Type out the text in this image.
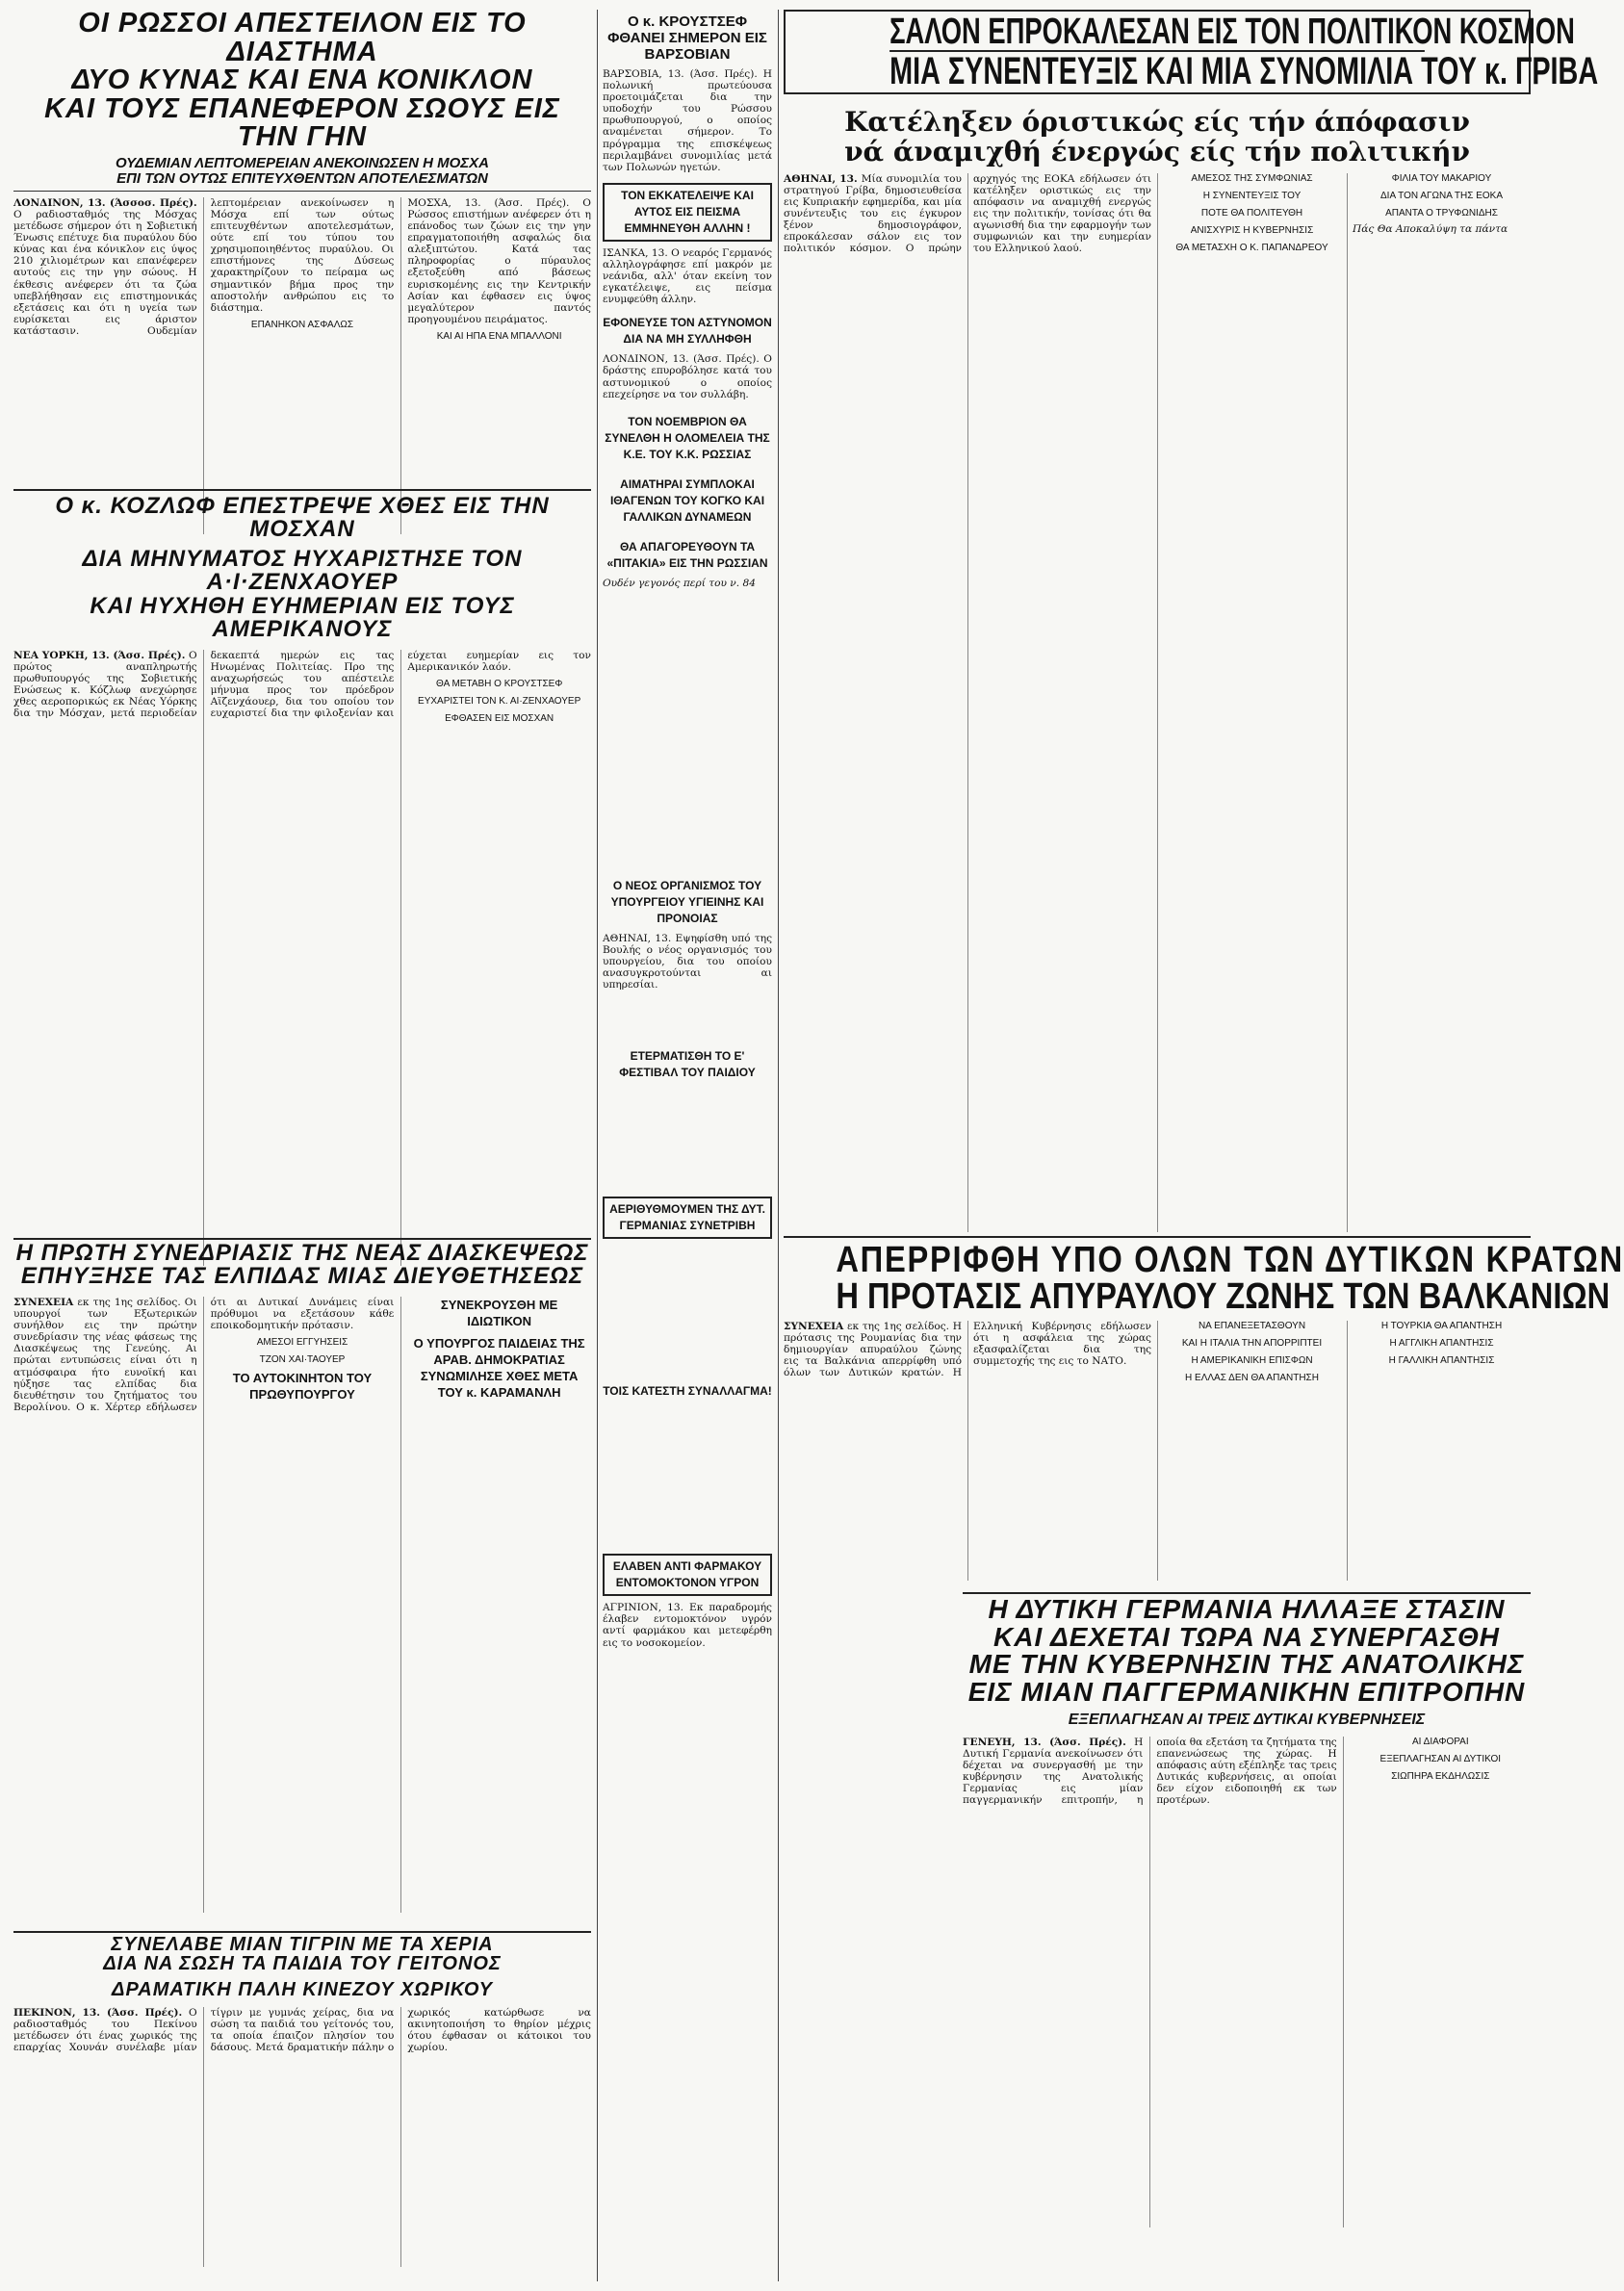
ΟΙ ΡΩΣΣΟΙ ΑΠΕΣΤΕΙΛΟΝ ΕΙΣ ΤΟ ΔΙΑΣΤΗΜΑ
ΔΥΟ ΚΥΝΑΣ ΚΑΙ ΕΝΑ ΚΟΝΙΚΛΟΝ
ΚΑΙ ΤΟΥΣ ΕΠΑΝΕΦΕΡΟΝ ΣΩΟΥΣ ΕΙΣ ΤΗΝ ΓΗΝ
ΟΥΔΕΜΙΑΝ ΛΕΠΤΟΜΕΡΕΙΑΝ ΑΝΕΚΟΙΝΩΣΕΝ Η ΜΟΣΧΑ
ΕΠΙ ΤΩΝ ΟΥΤΩΣ ΕΠΙΤΕΥΧΘΕΝΤΩΝ ΑΠΟΤΕΛΕΣΜΑΤΩΝ
ΛΟΝΔΙΝΟΝ, 13. (Άσσοσ. Πρές). Ο ραδιοσταθμός της Μόσχας μετέδωσε σήμερον ότι η Σοβιετική Ένωσις επέτυχε δια πυραύλου δύο κύνας και ένα κόνικλον εις ύψος 210 χιλιομέτρων και επανέφερεν αυτούς εις την γην σώους. Η έκθεσις ανέφερεν ότι τα ζώα υπεβλήθησαν εις επιστημονικάς εξετάσεις και ότι η υγεία των ευρίσκεται εις άριστον κατάστασιν. Ουδεμίαν λεπτομέρειαν ανεκοίνωσεν η Μόσχα επί των ούτως επιτευχθέντων αποτελεσμάτων, ούτε επί του τύπου του χρησιμοποιηθέντος πυραύλου. Οι επιστήμονες της Δύσεως χαρακτηρίζουν το πείραμα ως σημαντικόν βήμα προς την αποστολήν ανθρώπου εις το διάστημα.
ΕΠΑΝΗΚΟΝ ΑΣΦΑΛΩΣ
ΜΟΣΧΑ, 13. (Άσσ. Πρές). Ο Ρώσσος επιστήμων ανέφερεν ότι η επάνοδος των ζώων εις την γην επραγματοποιήθη ασφαλώς δια αλεξιπτώτου. Κατά τας πληροφορίας ο πύραυλος εξετοξεύθη από βάσεως ευρισκομένης εις την Κεντρικήν Ασίαν και έφθασεν εις ύψος μεγαλύτερον παντός προηγουμένου πειράματος.
ΚΑΙ ΑΙ ΗΠΑ ΕΝΑ ΜΠΑΛΛΟΝΙ
Ο κ. ΚΟΖΛΩΦ ΕΠΕΣΤΡΕΨΕ ΧΘΕΣ ΕΙΣ ΤΗΝ ΜΟΣΧΑΝ
ΔΙΑ ΜΗΝΥΜΑΤΟΣ ΗΥΧΑΡΙΣΤΗΣΕ ΤΟΝ Α·Ι·ΖΕΝΧΑΟΥΕΡ
ΚΑΙ ΗΥΧΗΘΗ ΕΥΗΜΕΡΙΑΝ ΕΙΣ ΤΟΥΣ ΑΜΕΡΙΚΑΝΟΥΣ
ΝΕΑ ΥΟΡΚΗ, 13. (Άσσ. Πρές). Ο πρώτος αναπληρωτής πρωθυπουργός της Σοβιετικής Ενώσεως κ. Κόζλωφ ανεχώρησε χθες αεροπορικώς εκ Νέας Υόρκης δια την Μόσχαν, μετά περιοδείαν δεκαεπτά ημερών εις τας Ηνωμένας Πολιτείας. Προ της αναχωρήσεώς του απέστειλε μήνυμα προς τον πρόεδρον Αϊζενχάουερ, δια του οποίου τον ευχαριστεί δια την φιλοξενίαν και εύχεται ευημερίαν εις τον Αμερικανικόν λαόν.
ΘΑ ΜΕΤΑΒΗ Ο ΚΡΟΥΣΤΣΕΦ
ΕΥΧΑΡΙΣΤΕΙ ΤΟΝ Κ. ΑΙ·ΖΕΝΧΑΟΥΕΡ
ΕΦΘΑΣΕΝ ΕΙΣ ΜΟΣΧΑΝ
Η ΠΡΩΤΗ ΣΥΝΕΔΡΙΑΣΙΣ ΤΗΣ ΝΕΑΣ ΔΙΑΣΚΕΨΕΩΣ
ΕΠΗΥΞΗΣΕ ΤΑΣ ΕΛΠΙΔΑΣ ΜΙΑΣ ΔΙΕΥΘΕΤΗΣΕΩΣ
ΣΥΝΕΧΕΙΑ εκ της 1ης σελίδος. Οι υπουργοί των Εξωτερικών συνήλθον εις την πρώτην συνεδρίασιν της νέας φάσεως της Διασκέψεως της Γενεύης. Αι πρώται εντυπώσεις είναι ότι η ατμόσφαιρα ήτο ευνοϊκή και ηύξησε τας ελπίδας δια διευθέτησιν του ζητήματος του Βερολίνου. Ο κ. Χέρτερ εδήλωσεν ότι αι Δυτικαί Δυνάμεις είναι πρόθυμοι να εξετάσουν κάθε εποικοδομητικήν πρότασιν.
ΑΜΕΣΟΙ ΕΓΓΥΗΣΕΙΣ
ΤΖΟΝ ΧΑΙ·ΤΑΟΥΕΡ
ΤΟ ΑΥΤΟΚΙΝΗΤΟΝ ΤΟΥ ΠΡΩΘΥΠΟΥΡΓΟΥ ΣΥΝΕΚΡΟΥΣΘΗ ΜΕ ΙΔΙΩΤΙΚΟΝ
Ο ΥΠΟΥΡΓΟΣ ΠΑΙΔΕΙΑΣ ΤΗΣ ΑΡΑΒ. ΔΗΜΟΚΡΑΤΙΑΣ ΣΥΝΩΜΙΛΗΣΕ ΧΘΕΣ ΜΕΤΑ ΤΟΥ κ. ΚΑΡΑΜΑΝΛΗ
ΣΥΝΕΛΑΒΕ ΜΙΑΝ ΤΙΓΡΙΝ ΜΕ ΤΑ ΧΕΡΙΑ
ΔΙΑ ΝΑ ΣΩΣΗ ΤΑ ΠΑΙΔΙΑ ΤΟΥ ΓΕΙΤΟΝΟΣ
ΔΡΑΜΑΤΙΚΗ ΠΑΛΗ ΚΙΝΕΖΟΥ ΧΩΡΙΚΟΥ
ΠΕΚΙΝΟΝ, 13. (Άσσ. Πρές). Ο ραδιοσταθμός του Πεκίνου μετέδωσεν ότι ένας χωρικός της επαρχίας Χουνάν συνέλαβε μίαν τίγριν με γυμνάς χείρας, δια να σώση τα παιδιά του γείτονός του, τα οποία έπαιζον πλησίον του δάσους. Μετά δραματικήν πάλην ο χωρικός κατώρθωσε να ακινητοποιήση το θηρίον μέχρις ότου έφθασαν οι κάτοικοι του χωρίου.
Ο κ. ΚΡΟΥΣΤΣΕΦ ΦΘΑΝΕΙ ΣΗΜΕΡΟΝ ΕΙΣ ΒΑΡΣΟΒΙΑΝ

ΒΑΡΣΟΒΙΑ, 13. (Άσσ. Πρές). Η πολωνική πρωτεύουσα προετοιμάζεται δια την υποδοχήν του Ρώσσου πρωθυπουργού, ο οποίος αναμένεται σήμερον. Το πρόγραμμα της επισκέψεως περιλαμβάνει συνομιλίας μετά των Πολωνών ηγετών.

ΤΟΝ ΕΚΚΑΤΕΛΕΙΨΕ ΚΑΙ ΑΥΤΟΣ ΕΙΣ ΠΕΙΣΜΑ ΕΜΜΗΝΕΥΘΗ ΑΛΛΗΝ !

ΙΣΑΝΚΑ, 13. Ο νεαρός Γερμανός αλληλογράφησε επί μακρόν με νεάνιδα, αλλ' όταν εκείνη τον εγκατέλειψε, εις πείσμα ενυμφεύθη άλλην.

ΕΦΟΝΕΥΣΕ ΤΟΝ ΑΣΤΥΝΟΜΟΝ ΔΙΑ ΝΑ ΜΗ ΣΥΛΛΗΦΘΗ

ΛΟΝΔΙΝΟΝ, 13. (Άσσ. Πρές). Ο δράστης επυροβόλησε κατά του αστυνομικού ο οποίος επεχείρησε να τον συλλάβη.

ΤΟΝ ΝΟΕΜΒΡΙΟΝ ΘΑ ΣΥΝΕΛΘΗ Η ΟΛΟΜΕΛΕΙΑ ΤΗΣ Κ.Ε. ΤΟΥ Κ.Κ. ΡΩΣΣΙΑΣ
ΑΙΜΑΤΗΡΑΙ ΣΥΜΠΛΟΚΑΙ ΙΘΑΓΕΝΩΝ ΤΟΥ ΚΟΓΚΟ ΚΑΙ ΓΑΛΛΙΚΩΝ ΔΥΝΑΜΕΩΝ
ΘΑ ΑΠΑΓΟΡΕΥΘΟΥΝ ΤΑ «ΠΙΤΑΚΙΑ» ΕΙΣ ΤΗΝ ΡΩΣΣΙΑΝ

Ουδέν γεγονός περί του ν. 84

Ο ΝΕΟΣ ΟΡΓΑΝΙΣΜΟΣ ΤΟΥ ΥΠΟΥΡΓΕΙΟΥ ΥΓΙΕΙΝΗΣ ΚΑΙ ΠΡΟΝΟΙΑΣ

ΑΘΗΝΑΙ, 13. Εψηφίσθη υπό της Βουλής ο νέος οργανισμός του υπουργείου, δια του οποίου ανασυγκροτούνται αι υπηρεσίαι.

ΕΤΕΡΜΑΤΙΣΘΗ ΤΟ Ε' ΦΕΣΤΙΒΑΛ ΤΟΥ ΠΑΙΔΙΟΥ
ΑΕΡΙΘΥΘΜΟΥΜΕΝ ΤΗΣ ΔΥΤ. ΓΕΡΜΑΝΙΑΣ ΣΥΝΕΤΡΙΒΗ
ΤΟΙΣ ΚΑΤΕΣΤΗ ΣΥΝΑΛΛΑΓΜΑ!
ΕΛΑΒΕΝ ΑΝΤΙ ΦΑΡΜΑΚΟΥ ΕΝΤΟΜΟΚΤΟΝΟΝ ΥΓΡΟΝ

ΑΓΡΙΝΙΟΝ, 13. Εκ παραδρομής έλαβεν εντομοκτόνον υγρόν αντί φαρμάκου και μετεφέρθη εις το νοσοκομείον.

ΣΑΛΟΝ ΕΠΡΟΚΑΛΕΣΑΝ ΕΙΣ ΤΟΝ ΠΟΛΙΤΙΚΟΝ ΚΟΣΜΟΝ
ΜΙΑ ΣΥΝΕΝΤΕΥΞΙΣ ΚΑΙ ΜΙΑ ΣΥΝΟΜΙΛΙΑ ΤΟΥ κ. ΓΡΙΒΑ
Κατέληξεν όριστικώς είς τήν άπόφασιν
νά άναμιχθή ένεργώς είς τήν πολιτικήν
ΑΘΗΝΑΙ, 13. Μία συνομιλία του στρατηγού Γρίβα, δημοσιευθείσα εις Κυπριακήν εφημερίδα, και μία συνέντευξις του εις έγκυρον ξένον δημοσιογράφον, επροκάλεσαν σάλον εις τον πολιτικόν κόσμον. Ο πρώην αρχηγός της ΕΟΚΑ εδήλωσεν ότι κατέληξεν οριστικώς εις την απόφασιν να αναμιχθή ενεργώς εις την πολιτικήν, τονίσας ότι θα αγωνισθή δια την εφαρμογήν των συμφωνιών και την ευημερίαν του Ελληνικού λαού.
ΑΜΕΣΟΣ ΤΗΣ ΣΥΜΦΩΝΙΑΣ
Η ΣΥΝΕΝΤΕΥΞΙΣ ΤΟΥ
ΠΟΤΕ ΘΑ ΠΟΛΙΤΕΥΘΗ
ΑΝΙΣΧΥΡΙΣ Η ΚΥΒΕΡΝΗΣΙΣ
ΘΑ ΜΕΤΑΣΧΗ Ο Κ. ΠΑΠΑΝΔΡΕΟΥ
ΦΙΛΙΑ ΤΟΥ ΜΑΚΑΡΙΟΥ
ΔΙΑ ΤΟΝ ΑΓΩΝΑ ΤΗΣ ΕΟΚΑ
ΑΠΑΝΤΑ Ο ΤΡΥΦΩΝΙΔΗΣ
Πάς Θα Αποκαλύψη τα πάντα
ΑΠΕΡΡΙΦΘΗ ΥΠΟ ΟΛΩΝ ΤΩΝ ΔΥΤΙΚΩΝ ΚΡΑΤΩΝ
Η ΠΡΟΤΑΣΙΣ ΑΠΥΡΑΥΛΟΥ ΖΩΝΗΣ ΤΩΝ ΒΑΛΚΑΝΙΩΝ
ΣΥΝΕΧΕΙΑ εκ της 1ης σελίδος. Η πρότασις της Ρουμανίας δια την δημιουργίαν απυραύλου ζώνης εις τα Βαλκάνια απερρίφθη υπό όλων των Δυτικών κρατών. Η Ελληνική Κυβέρνησις εδήλωσεν ότι η ασφάλεια της χώρας εξασφαλίζεται δια της συμμετοχής της εις το ΝΑΤΟ.
ΝΑ ΕΠΑΝΕΞΕΤΑΣΘΟΥΝ
ΚΑΙ Η ΙΤΑΛΙΑ ΤΗΝ ΑΠΟΡΡΙΠΤΕΙ
Η ΑΜΕΡΙΚΑΝΙΚΗ ΕΠΙΣΦΩΝ
Η ΕΛΛΑΣ ΔΕΝ ΘΑ ΑΠΑΝΤΗΣΗ
Η ΤΟΥΡΚΙΑ ΘΑ ΑΠΑΝΤΗΣΗ
Η ΑΓΓΛΙΚΗ ΑΠΑΝΤΗΣΙΣ
Η ΓΑΛΛΙΚΗ ΑΠΑΝΤΗΣΙΣ
Η ΔΥΤΙΚΗ ΓΕΡΜΑΝΙΑ ΗΛΛΑΞΕ ΣΤΑΣΙΝ
ΚΑΙ ΔΕΧΕΤΑΙ ΤΩΡΑ ΝΑ ΣΥΝΕΡΓΑΣΘΗ
ΜΕ ΤΗΝ ΚΥΒΕΡΝΗΣΙΝ ΤΗΣ ΑΝΑΤΟΛΙΚΗΣ
ΕΙΣ ΜΙΑΝ ΠΑΓΓΕΡΜΑΝΙΚΗΝ ΕΠΙΤΡΟΠΗΝ
ΕΞΕΠΛΑΓΗΣΑΝ ΑΙ ΤΡΕΙΣ ΔΥΤΙΚΑΙ ΚΥΒΕΡΝΗΣΕΙΣ
ΓΕΝΕΥΗ, 13. (Άσσ. Πρές). Η Δυτική Γερμανία ανεκοίνωσεν ότι δέχεται να συνεργασθή με την κυβέρνησιν της Ανατολικής Γερμανίας εις μίαν παγγερμανικήν επιτροπήν, η οποία θα εξετάση τα ζητήματα της επανενώσεως της χώρας. Η απόφασις αύτη εξέπληξε τας τρεις Δυτικάς κυβερνήσεις, αι οποίαι δεν είχον ειδοποιηθή εκ των προτέρων.
ΑΙ ΔΙΑΦΟΡΑΙ
ΕΞΕΠΛΑΓΗΣΑΝ ΑΙ ΔΥΤΙΚΟΙ
ΣΙΩΠΗΡΑ ΕΚΔΗΛΩΣΙΣ
